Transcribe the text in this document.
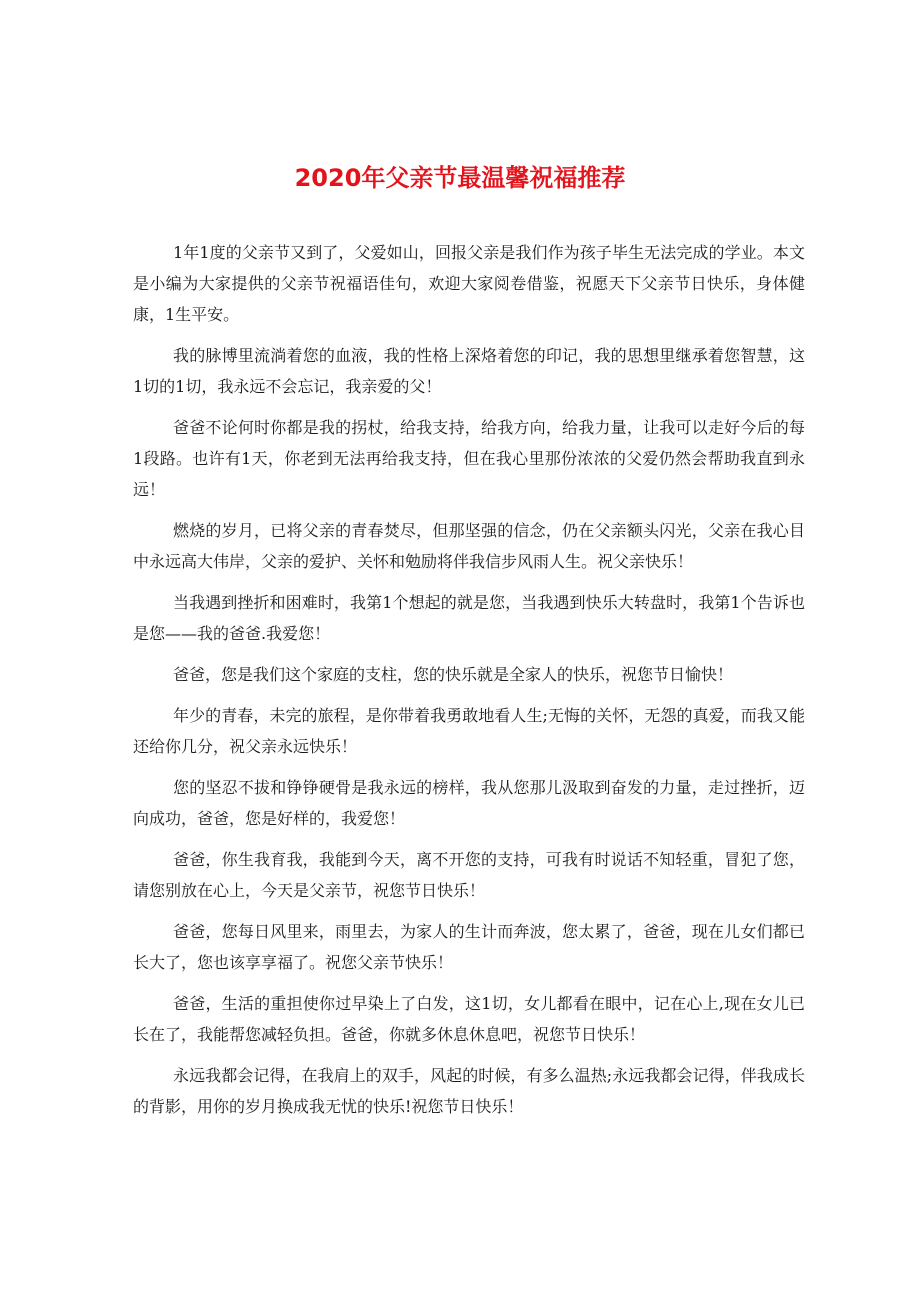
2020年父亲节最温馨祝福推荐

1年1度的父亲节又到了，父爱如山，回报父亲是我们作为孩子毕生无法完成的学业。本文是小编为大家提供的父亲节祝福语佳句，欢迎大家阅卷借鉴，祝愿天下父亲节日快乐，身体健康，1生平安。

我的脉博里流淌着您的血液，我的性格上深烙着您的印记，我的思想里继承着您智慧，这1切的1切，我永远不会忘记，我亲爱的父！

爸爸不论何时你都是我的拐杖，给我支持，给我方向，给我力量，让我可以走好今后的每1段路。也许有1天，你老到无法再给我支持，但在我心里那份浓浓的父爱仍然会帮助我直到永远！

燃烧的岁月，已将父亲的青春焚尽，但那坚强的信念，仍在父亲额头闪光，父亲在我心目中永远高大伟岸，父亲的爱护、关怀和勉励将伴我信步风雨人生。祝父亲快乐！

当我遇到挫折和困难时，我第1个想起的就是您，当我遇到快乐大转盘时，我第1个告诉也是您——我的爸爸.我爱您！

爸爸，您是我们这个家庭的支柱，您的快乐就是全家人的快乐，祝您节日愉快！

年少的青春，未完的旅程，是你带着我勇敢地看人生;无悔的关怀，无怨的真爱，而我又能还给你几分，祝父亲永远快乐！

您的坚忍不拔和铮铮硬骨是我永远的榜样，我从您那儿汲取到奋发的力量，走过挫折，迈向成功，爸爸，您是好样的，我爱您！

爸爸，你生我育我，我能到今天，离不开您的支持，可我有时说话不知轻重，冒犯了您，请您别放在心上，今天是父亲节，祝您节日快乐！

爸爸，您每日风里来，雨里去，为家人的生计而奔波，您太累了，爸爸，现在儿女们都已长大了，您也该享享福了。祝您父亲节快乐！

爸爸，生活的重担使你过早染上了白发，这1切，女儿都看在眼中，记在心上,现在女儿已长在了，我能帮您减轻负担。爸爸，你就多休息休息吧，祝您节日快乐！

永远我都会记得，在我肩上的双手，风起的时候，有多么温热;永远我都会记得，伴我成长的背影，用你的岁月换成我无忧的快乐!祝您节日快乐！
